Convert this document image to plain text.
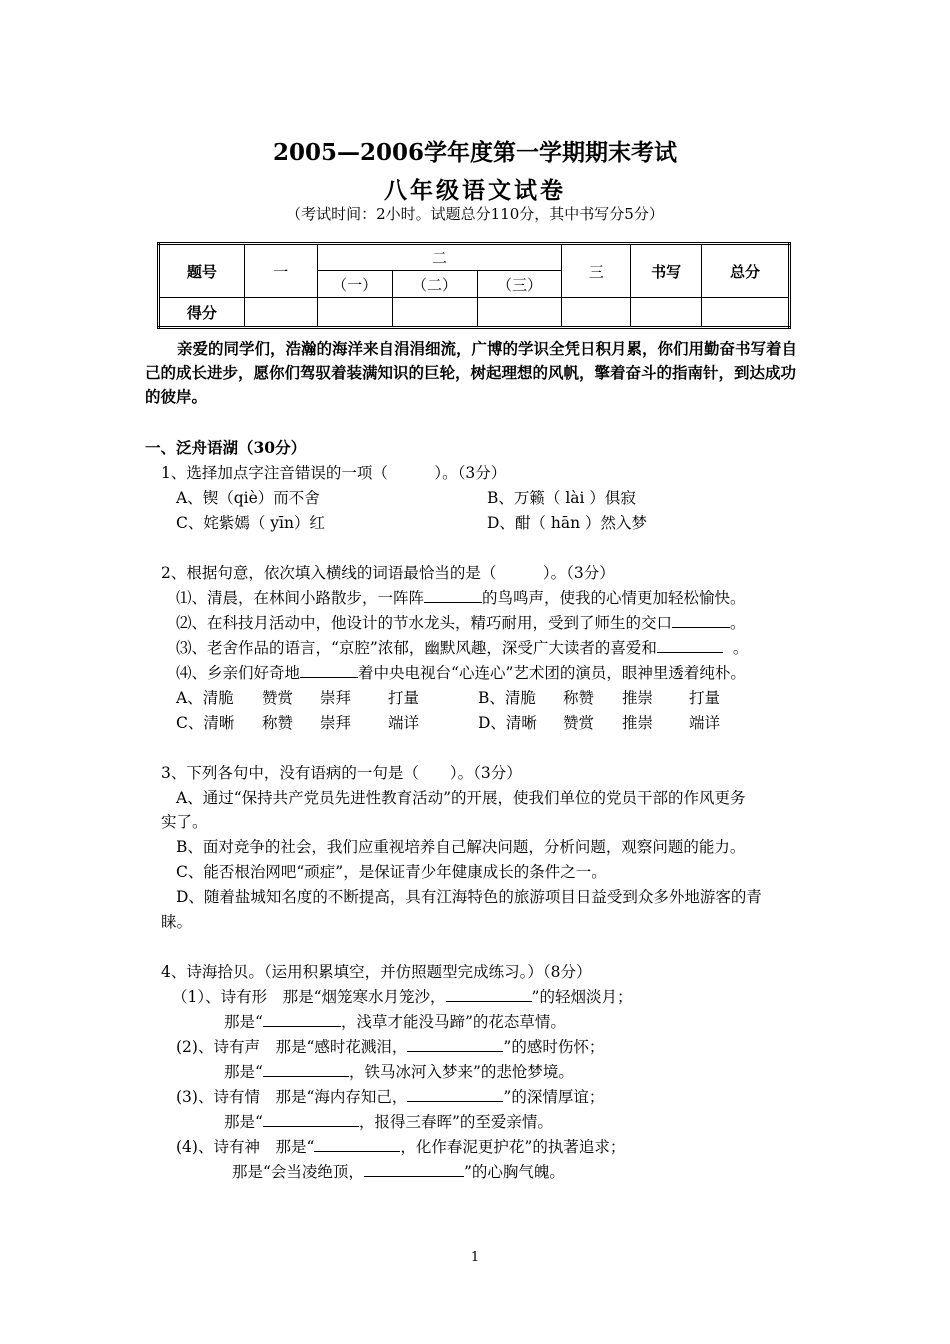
2005—2006学年度第一学期期末考试
八年级语文试卷
（考试时间：2小时。试题总分110分，其中书写分5分）
题号	一	二			三	书写	总分
		（一）	（二）	（三）			
得分							
亲爱的同学们，浩瀚的海洋来自涓涓细流，广博的学识全凭日积月累，你们用勤奋书写着自己的成长进步，愿你们驾驭着装满知识的巨轮，树起理想的风帆，擎着奋斗的指南针，到达成功的彼岸。
一、泛舟语湖（30分）
1、选择加点字注音错误的一项（　　　）。（3分）
A、锲（qiè）而不舍	B、万籁（ lài ）俱寂
C、姹紫嫣（ yīn）红	D、酣（ hān ）然入梦
2、根据句意，依次填入横线的词语最恰当的是（　　　）。（3分）
⑴、清晨，在林间小路散步，一阵阵	的鸟鸣声，使我的心情更加轻松愉快。
⑵、在科技月活动中，他设计的节水龙头，精巧耐用，受到了师生的交口	。
⑶、老舍作品的语言，“京腔”浓郁，幽默风趣，深受广大读者的喜爱和	。
⑷、乡亲们好奇地	着中央电视台“心连心”艺术团的演员，眼神里透着纯朴。
A、清脆 赞赏 崇拜 打量	B、清脆 称赞 推崇 打量
C、清晰 称赞 崇拜 端详	D、清晰 赞赏 推崇 端详
3、下列各句中，没有语病的一句是（　　）。（3分）
A、通过“保持共产党员先进性教育活动”的开展，使我们单位的党员干部的作风更务
实了。
B、面对竞争的社会，我们应重视培养自己解决问题，分析问题，观察问题的能力。
C、能否根治网吧“顽症”，是保证青少年健康成长的条件之一。
D、随着盐城知名度的不断提高，具有江海特色的旅游项目日益受到众多外地游客的青
睐。
4、诗海拾贝。（运用积累填空，并仿照题型完成练习。）（8分）
（1）、诗有形　那是“烟笼寒水月笼沙，	”的轻烟淡月；
那是“	，浅草才能没马蹄”的花态草情。
(2)、诗有声　那是“感时花溅泪，	”的感时伤怀；
那是“	，铁马冰河入梦来”的悲怆梦境。
(3)、诗有情　那是“海内存知己，	”的深情厚谊；
那是“	，报得三春晖”的至爱亲情。
(4)、诗有神　那是“	，化作春泥更护花”的执著追求；
那是“会当凌绝顶，	”的心胸气魄。
1
